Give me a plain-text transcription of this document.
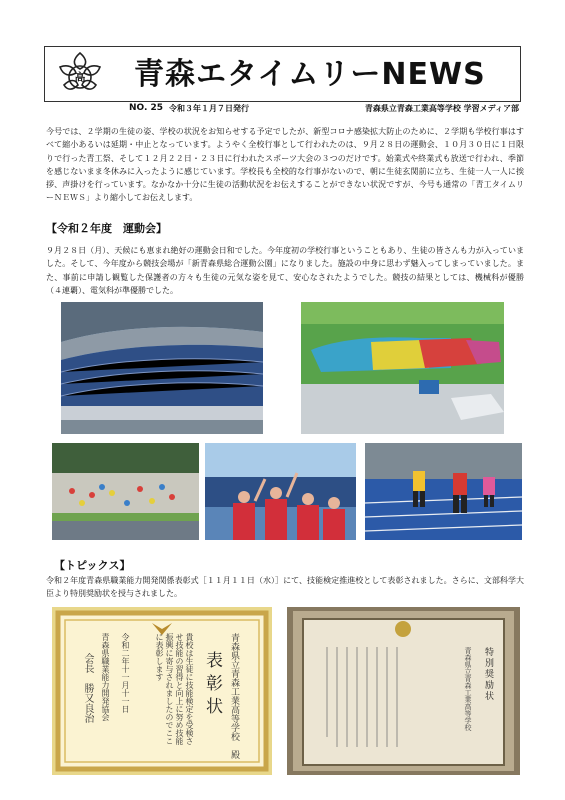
高 青森エタイムリーNEWS
NO. 25 令和３年１月７日発行	青森県立青森工業高等学校 学習メディア部
今号では、２学期の生徒の姿、学校の状況をお知らせする予定でしたが、新型コロナ感染拡大防止のために、２学期も学校行事はすべて縮小あるいは延期・中止となっています。ようやく全校行事として行われたのは、９月２８日の運動会、１０月３０日に１日限りで行った青工祭、そして１２月２２日・２３日に行われたスポーツ大会の３つのだけです。始業式や終業式も放送で行われ、季節を感じないまま冬休みに入ったように感じています。学校長も全校的な行事がないので、朝に生徒玄関前に立ち、生徒一人一人に挨拶、声掛けを行っています。なかなか十分に生徒の活動状況をお伝えすることができない状況ですが、今号も通常の「青工タイムリーＮＥＷＳ」より縮小してお伝えします。
【令和２年度　運動会】
９月２８日（月）、天候にも恵まれ絶好の運動会日和でした。今年度初の学校行事ということもあり、生徒の皆さんも力が入っていました。そして、今年度から競技会場が「新青森県総合運動公園」になりました。施設の中身に思わず魅入ってしまっていました。また、事前に申請し観覧した保護者の方々も生徒の元気な姿を見て、安心なされたようでした。競技の結果としては、機械科が優勝（４連覇）、電気科が準優勝でした。
【トピックス】
令和２年度青森県職業能力開発関係表彰式［１１月１１日（水）］にて、技能検定推進校として表彰されました。さらに、文部科学大臣より特別奨励状を授与されました。
表彰状 青森県立青森工業高等学校　殿
貴校は生徒に技能検定を受検させ技能の習得と向上に努め技能振興に寄与されましたのでここに表彰します
令和二年十一月十一日
青森県職業能力開発協会
会長　勝又良治	特別奨励状
青森県立青森工業高等学校
